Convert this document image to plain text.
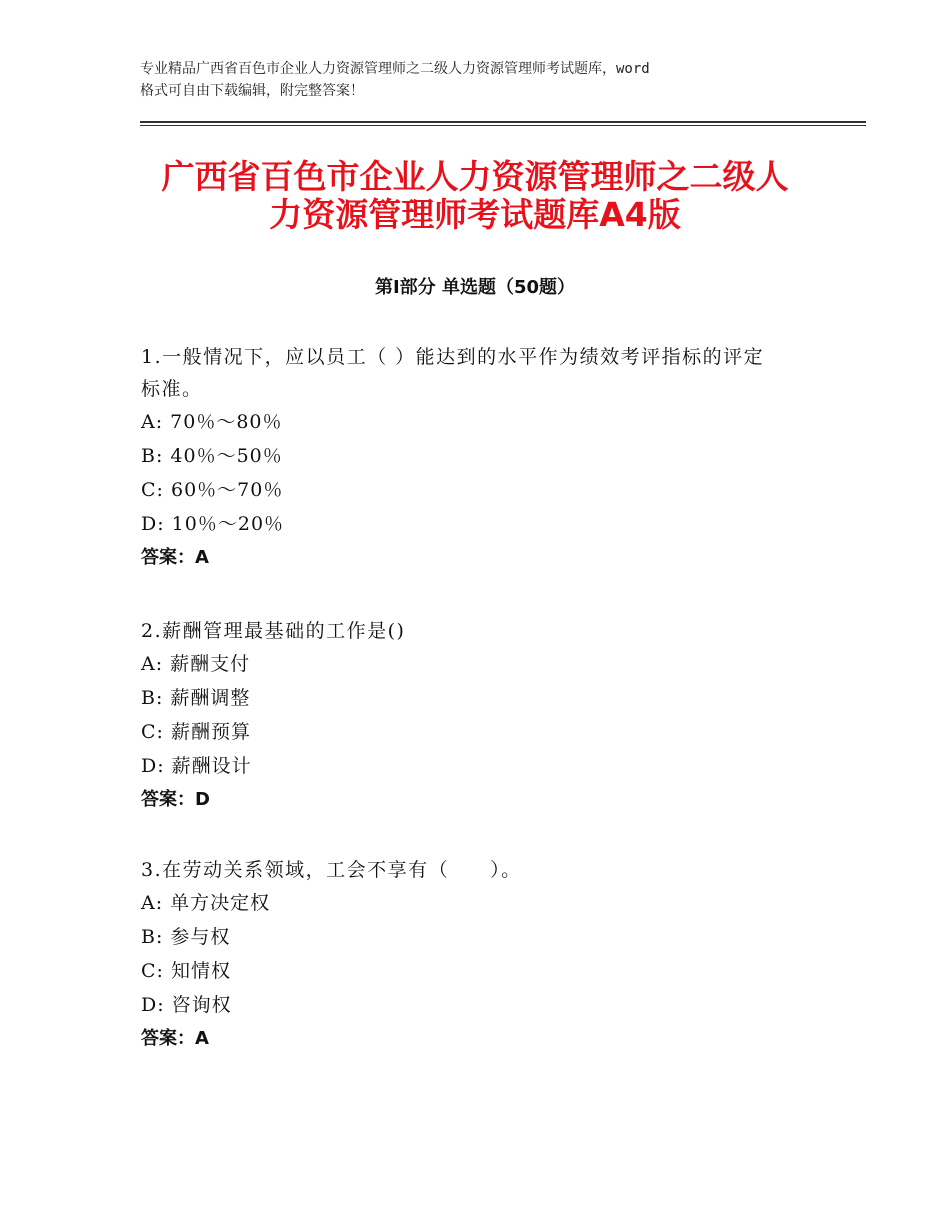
专业精品广西省百色市企业人力资源管理师之二级人力资源管理师考试题库，word
格式可自由下载编辑，附完整答案！
广西省百色市企业人力资源管理师之二级人
力资源管理师考试题库A4版
第Ⅰ部分 单选题（50题）
1.一般情况下，应以员工（ ）能达到的水平作为绩效考评指标的评定
标准。
A: 70％～80％
B: 40％～50％
C: 60％～70％
D: 10％～20％
答案：A
2.薪酬管理最基础的工作是()
A: 薪酬支付
B: 薪酬调整
C: 薪酬预算
D: 薪酬设计
答案：D
3.在劳动关系领域，工会不享有（　　）。
A: 单方决定权
B: 参与权
C: 知情权
D: 咨询权
答案：A
